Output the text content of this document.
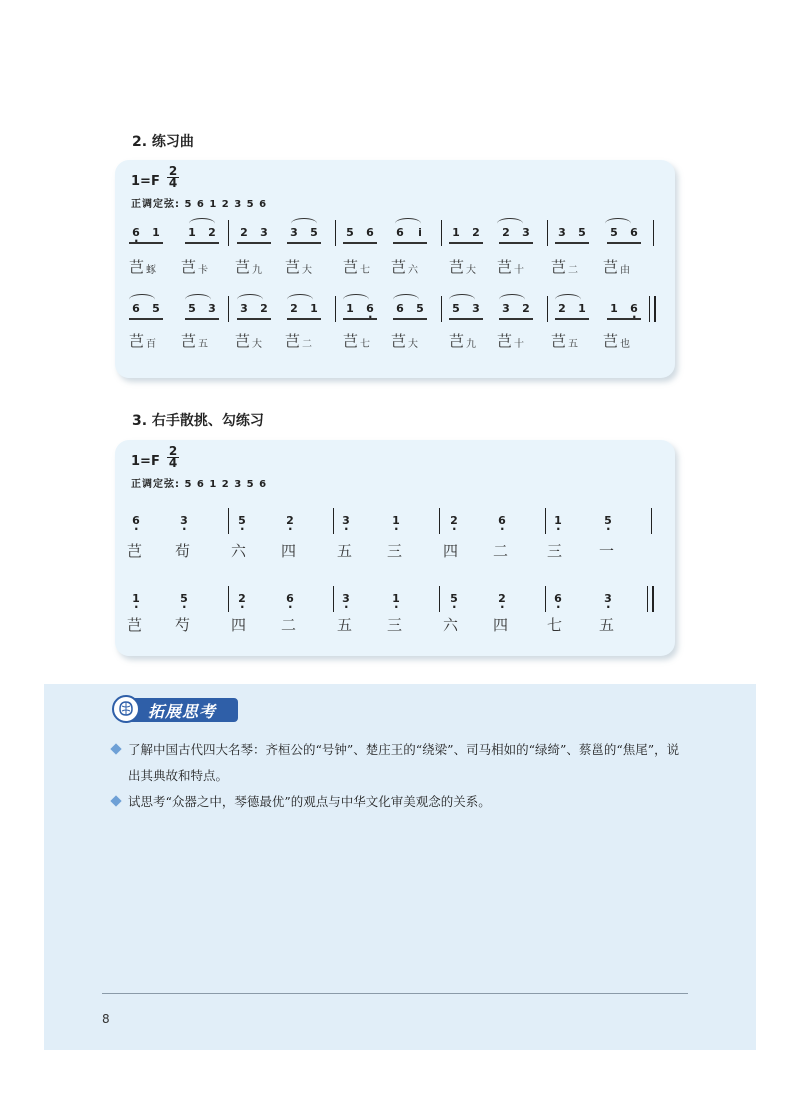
2. 练习曲
1=F
2
4
正调定弦: 5 6 1 2 3 5 6
6 · 1	1 2 2 3 3 5	5 6 6	i	1 2 2 3	3 5 5 6
芑䖶 芑卡 芑九 芑大 芑七 芑六 芑大 芑十 芑二 芑由
6 5	5 3 3 2 2 1	1 6 · 6 5	5 3 3 2	2 1 1 6 ·
芑百 芑五 芑大 芑二 芑七 芑大 芑九 芑十 芑五 芑也
3. 右手散挑、勾练习
1=F
2
4
正调定弦: 5 6 1 2 3 5 6
6 ·	3 ·	5 ·	2 ·	3 ·	1 ·	2 ·	6 ·	1 ·	5 ·
芑 茍	六 四	五 三	四 二	三 一
1 ·	5 ·	2 ·	6 ·	3 ·	1 ·	5 ·	2 ·	6 ·	3 ·
芑 芍	四 二	五 三	六 四	七 五
拓展思考
了解中国古代四大名琴：齐桓公的“号钟”、楚庄王的“绕梁”、司马相如的“绿绮”、蔡邕的“焦尾”，说出其典故和特点。
试思考“众器之中，琴德最优”的观点与中华文化审美观念的关系。
8
